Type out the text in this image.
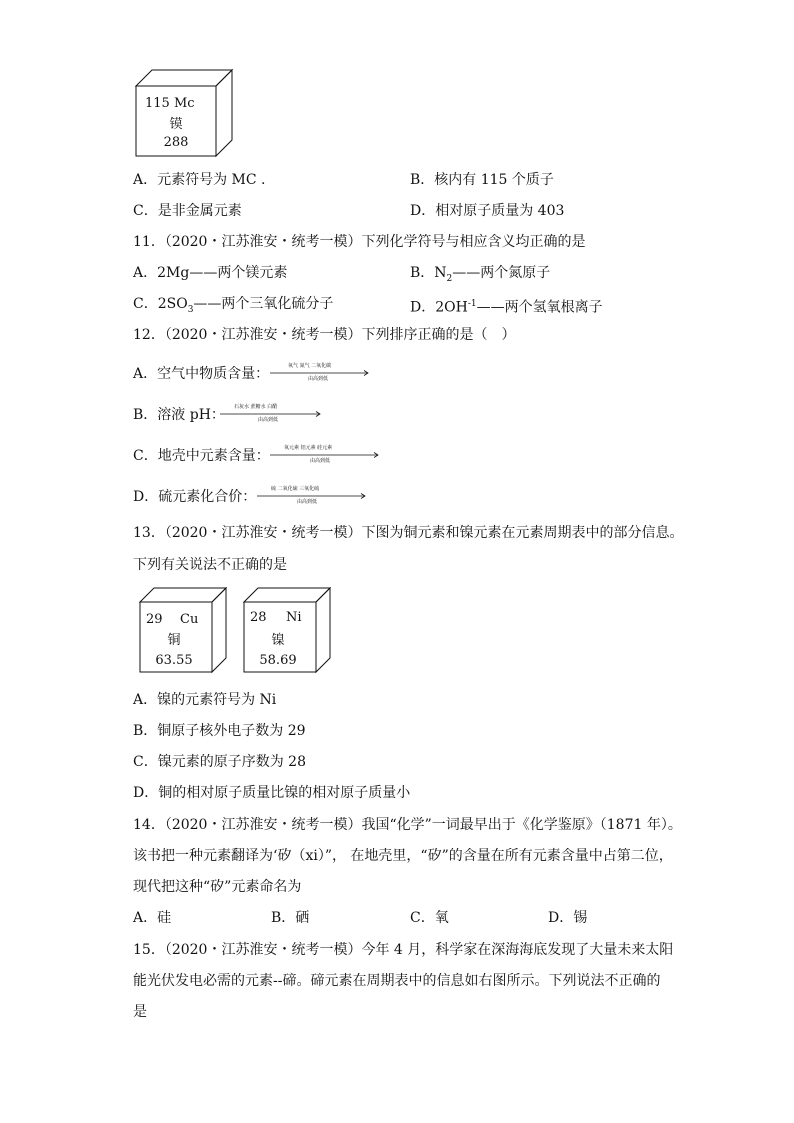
115 Mc
镆
288
A．元素符号为 MC .	B．核内有 115 个质子
C．是非金属元素	D．相对原子质量为 403
11．（2020・江苏淮安・统考一模）下列化学符号与相应含义均正确的是
A．2Mg——两个镁元素	B．$N_2——$两个氮原子
C．$2SO_3——$两个三氧化硫分子	D．$2OH^{-1}——$两个氢氧根离子
12．（2020・江苏淮安・统考一模）下列排序正确的是（　）
A．空气中物质含量：	氧气 氮气 二氧化碳
由高到低
B．溶液 pH： 石灰水 蔗糖水 白醋
由高到低
C．地壳中元素含量：	氧元素 铝元素 硅元素
由高到低
D．硫元素化合价：	硫 二氧化硫 三氧化硫
由高到低
13．（2020・江苏淮安・统考一模）下图为铜元素和镍元素在元素周期表中的部分信息。
下列有关说法不正确的是
29 Cu
铜
63.55
28 Ni
镍
58.69
A．镍的元素符号为 Ni
B．铜原子核外电子数为 29
C．镍元素的原子序数为 28
D．铜的相对原子质量比镍的相对原子质量小
14．（2020・江苏淮安・统考一模）我国“化学”一词最早出于《化学鉴原》（1871 年）。
该书把一种元素翻译为‘矽（xi）”， 在地壳里，“矽”的含量在所有元素含量中占第二位，
现代把这种“矽”元素命名为
A．硅	B．硒	C．氧	D．锡
15．（2020・江苏淮安・统考一模）今年 4 月，科学家在深海海底发现了大量未来太阳
能光伏发电必需的元素--碲。碲元素在周期表中的信息如右图所示。下列说法不正确的
是
